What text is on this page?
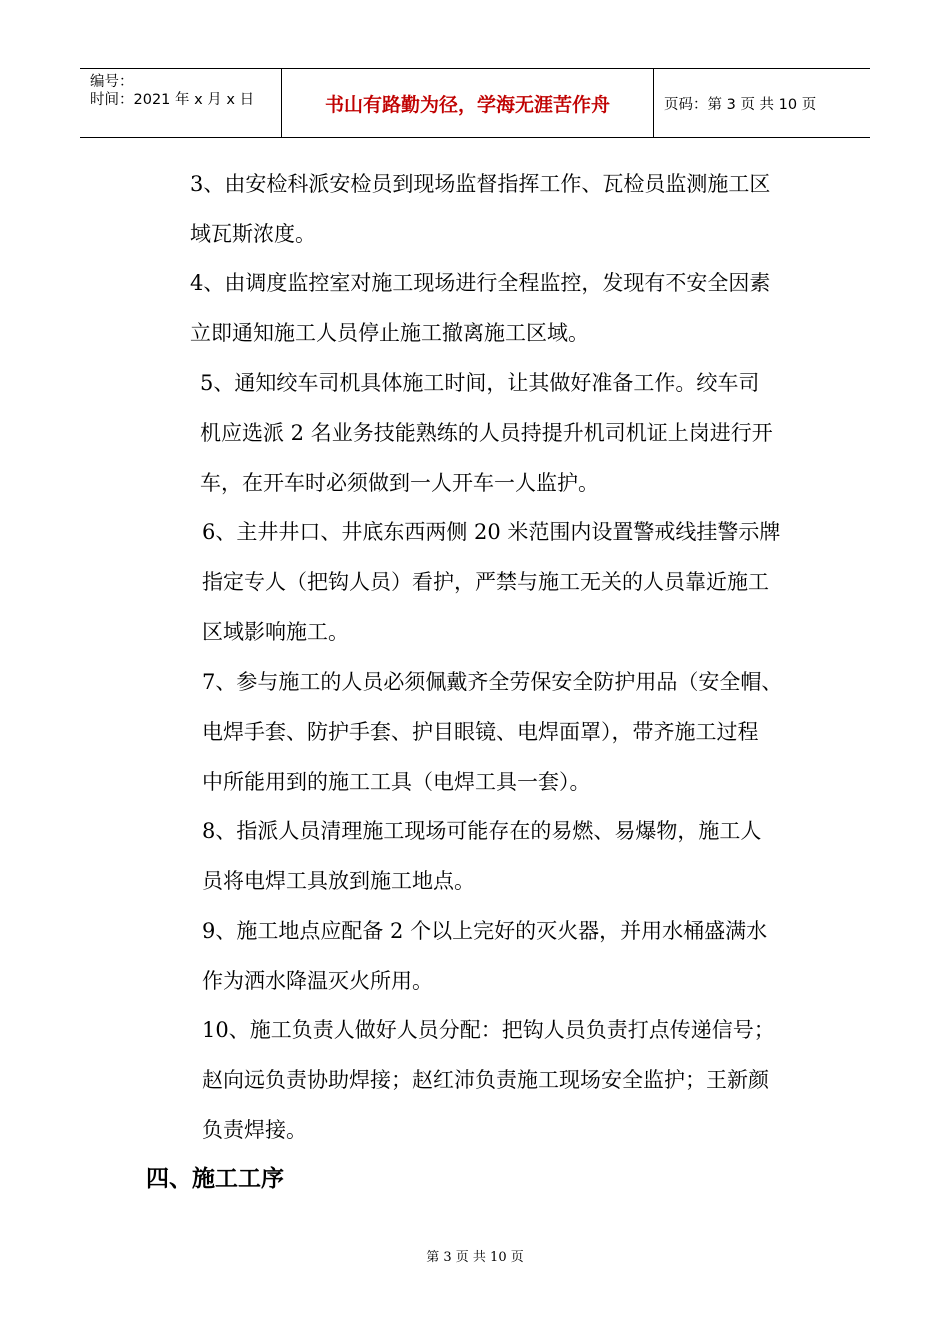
编号：
时间：2021 年 x 月 x 日	书山有路勤为径，学海无涯苦作舟	页码：第 3 页 共 10 页
3、由安检科派安检员到现场监督指挥工作、瓦检员监测施工区
域瓦斯浓度。
4、由调度监控室对施工现场进行全程监控，发现有不安全因素
立即通知施工人员停止施工撤离施工区域。
5、通知绞车司机具体施工时间，让其做好准备工作。绞车司
机应选派 2 名业务技能熟练的人员持提升机司机证上岗进行开
车，在开车时必须做到一人开车一人监护。
6、主井井口、井底东西两侧 20 米范围内设置警戒线挂警示牌
指定专人（把钩人员）看护，严禁与施工无关的人员靠近施工
区域影响施工。
7、参与施工的人员必须佩戴齐全劳保安全防护用品（安全帽、
电焊手套、防护手套、护目眼镜、电焊面罩），带齐施工过程
中所能用到的施工工具（电焊工具一套）。
8、指派人员清理施工现场可能存在的易燃、易爆物，施工人
员将电焊工具放到施工地点。
9、施工地点应配备 2 个以上完好的灭火器，并用水桶盛满水
作为洒水降温灭火所用。
10、施工负责人做好人员分配：把钩人员负责打点传递信号；
赵向远负责协助焊接；赵红沛负责施工现场安全监护；王新颜
负责焊接。
四、施工工序
第 3 页 共 10 页
